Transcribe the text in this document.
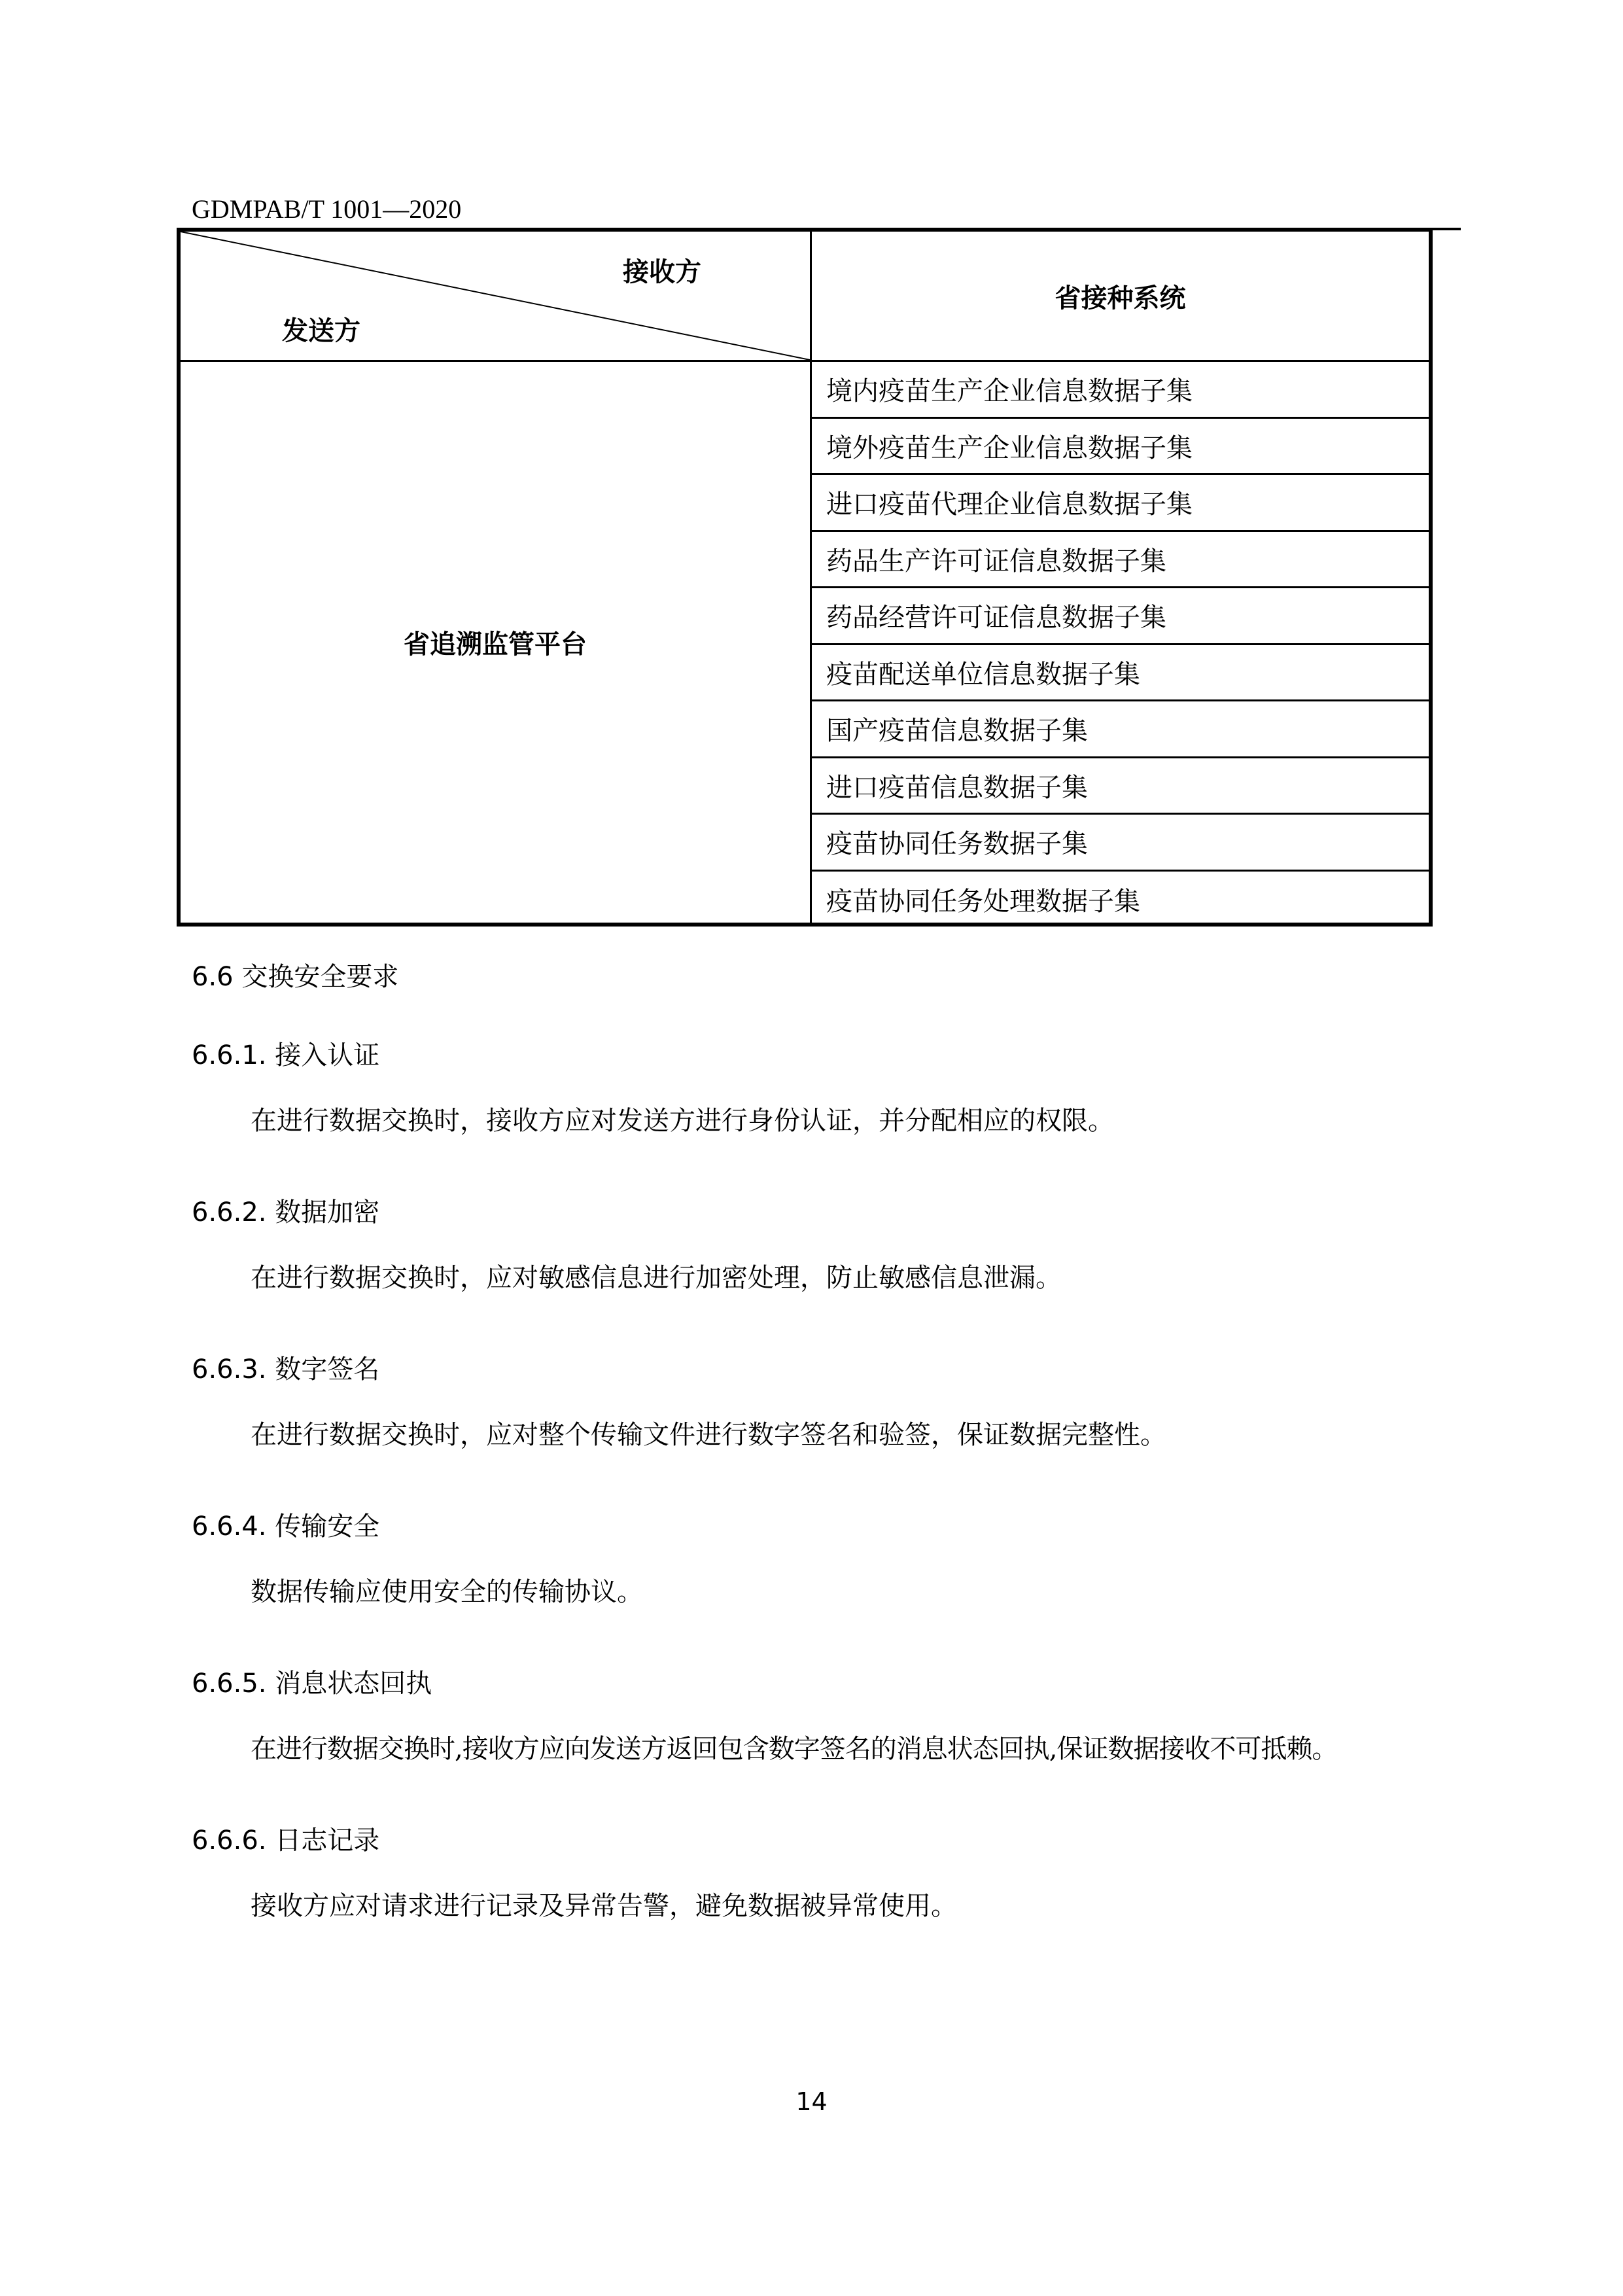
GDMPAB/T 1001—2020
接收方
发送方
省接种系统
省追溯监管平台
境内疫苗生产企业信息数据子集
境外疫苗生产企业信息数据子集
进口疫苗代理企业信息数据子集
药品生产许可证信息数据子集
药品经营许可证信息数据子集
疫苗配送单位信息数据子集
国产疫苗信息数据子集
进口疫苗信息数据子集
疫苗协同任务数据子集
疫苗协同任务处理数据子集
6.6 交换安全要求
6.6.1. 接入认证
在进行数据交换时，接收方应对发送方进行身份认证，并分配相应的权限。
6.6.2. 数据加密
在进行数据交换时，应对敏感信息进行加密处理，防止敏感信息泄漏。
6.6.3. 数字签名
在进行数据交换时，应对整个传输文件进行数字签名和验签，保证数据完整性。
6.6.4. 传输安全
数据传输应使用安全的传输协议。
6.6.5. 消息状态回执
在进行数据交换时,接收方应向发送方返回包含数字签名的消息状态回执,保证数据接收不可抵赖。
6.6.6. 日志记录
接收方应对请求进行记录及异常告警，避免数据被异常使用。
14
